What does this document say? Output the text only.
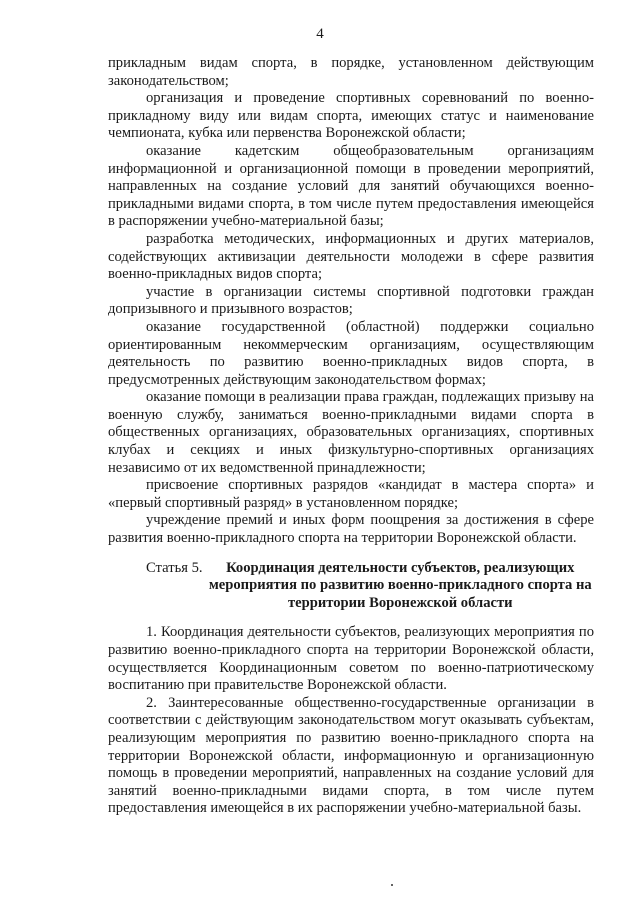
4

прикладным видам спорта, в порядке, установленном действующим законодательством;

организация и проведение спортивных соревнований по военно-прикладному виду или видам спорта, имеющих статус и наименование чемпионата, кубка или первенства Воронежской области;

оказание кадетским общеобразовательным организациям информационной и организационной помощи в проведении мероприятий, направленных на создание условий для занятий обучающихся военно-прикладными видами спорта, в том числе путем предоставления имеющейся в распоряжении учебно-материальной базы;

разработка методических, информационных и других материалов, содействующих активизации деятельности молодежи в сфере развития военно-прикладных видов спорта;

участие в организации системы спортивной подготовки граждан допризывного и призывного возрастов;

оказание государственной (областной) поддержки социально ориентированным некоммерческим организациям, осуществляющим деятельность по развитию военно-прикладных видов спорта, в предусмотренных действующим законодательством формах;

оказание помощи в реализации права граждан, подлежащих призыву на военную службу, заниматься военно-прикладными видами спорта в общественных организациях, образовательных организациях, спортивных клубах и секциях и иных физкультурно-спортивных организациях независимо от их ведомственной принадлежности;

присвоение спортивных разрядов «кандидат в мастера спорта» и «первый спортивный разряд» в установленном порядке;

учреждение премий и иных форм поощрения за достижения в сфере развития военно-прикладного спорта на территории Воронежской области.

Статья 5.	Координация деятельности субъектов, реализующих мероприятия по развитию военно-прикладного спорта на территории Воронежской области

1. Координация деятельности субъектов, реализующих мероприятия по развитию военно-прикладного спорта на территории Воронежской области, осуществляется Координационным советом по военно-патриотическому воспитанию при правительстве Воронежской области.

2. Заинтересованные общественно-государственные организации в соответствии с действующим законодательством могут оказывать субъектам, реализующим мероприятия по развитию военно-прикладного спорта на территории Воронежской области, информационную и организационную помощь в проведении мероприятий, направленных на создание условий для занятий военно-прикладными видами спорта, в том числе путем предоставления имеющейся в их распоряжении учебно-материальной базы.
